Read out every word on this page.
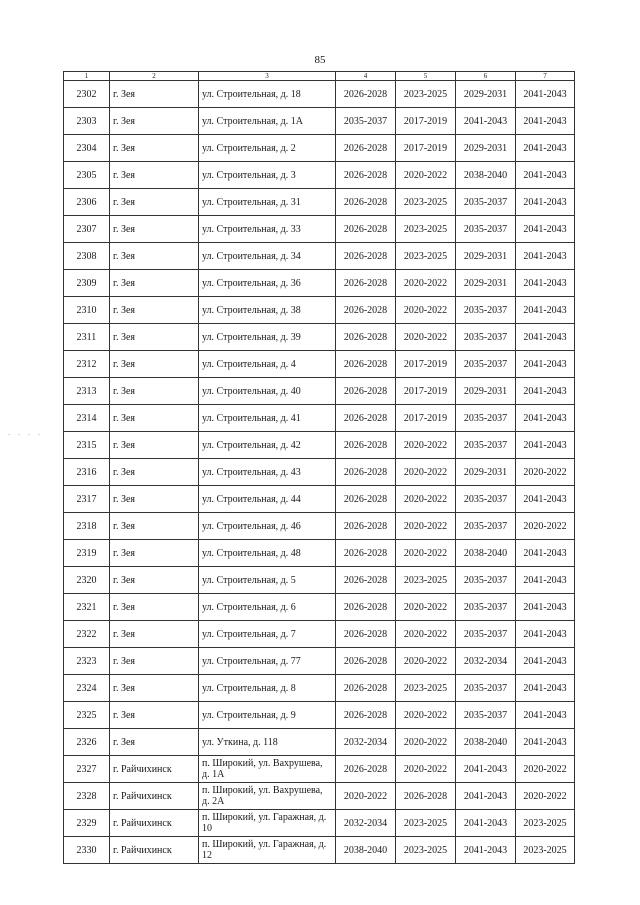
85
. . . .
1	2	3	4	5	6	7
2302	г. Зея	ул. Строительная, д. 18	2026-2028	2023-2025	2029-2031	2041-2043
2303	г. Зея	ул. Строительная, д. 1А	2035-2037	2017-2019	2041-2043	2041-2043
2304	г. Зея	ул. Строительная, д. 2	2026-2028	2017-2019	2029-2031	2041-2043
2305	г. Зея	ул. Строительная, д. 3	2026-2028	2020-2022	2038-2040	2041-2043
2306	г. Зея	ул. Строительная, д. 31	2026-2028	2023-2025	2035-2037	2041-2043
2307	г. Зея	ул. Строительная, д. 33	2026-2028	2023-2025	2035-2037	2041-2043
2308	г. Зея	ул. Строительная, д. 34	2026-2028	2023-2025	2029-2031	2041-2043
2309	г. Зея	ул. Строительная, д. 36	2026-2028	2020-2022	2029-2031	2041-2043
2310	г. Зея	ул. Строительная, д. 38	2026-2028	2020-2022	2035-2037	2041-2043
2311	г. Зея	ул. Строительная, д. 39	2026-2028	2020-2022	2035-2037	2041-2043
2312	г. Зея	ул. Строительная, д. 4	2026-2028	2017-2019	2035-2037	2041-2043
2313	г. Зея	ул. Строительная, д. 40	2026-2028	2017-2019	2029-2031	2041-2043
2314	г. Зея	ул. Строительная, д. 41	2026-2028	2017-2019	2035-2037	2041-2043
2315	г. Зея	ул. Строительная, д. 42	2026-2028	2020-2022	2035-2037	2041-2043
2316	г. Зея	ул. Строительная, д. 43	2026-2028	2020-2022	2029-2031	2020-2022
2317	г. Зея	ул. Строительная, д. 44	2026-2028	2020-2022	2035-2037	2041-2043
2318	г. Зея	ул. Строительная, д. 46	2026-2028	2020-2022	2035-2037	2020-2022
2319	г. Зея	ул. Строительная, д. 48	2026-2028	2020-2022	2038-2040	2041-2043
2320	г. Зея	ул. Строительная, д. 5	2026-2028	2023-2025	2035-2037	2041-2043
2321	г. Зея	ул. Строительная, д. 6	2026-2028	2020-2022	2035-2037	2041-2043
2322	г. Зея	ул. Строительная, д. 7	2026-2028	2020-2022	2035-2037	2041-2043
2323	г. Зея	ул. Строительная, д. 77	2026-2028	2020-2022	2032-2034	2041-2043
2324	г. Зея	ул. Строительная, д. 8	2026-2028	2023-2025	2035-2037	2041-2043
2325	г. Зея	ул. Строительная, д. 9	2026-2028	2020-2022	2035-2037	2041-2043
2326	г. Зея	ул. Уткина, д. 118	2032-2034	2020-2022	2038-2040	2041-2043
2327	г. Райчихинск	п. Широкий, ул. Вахрушева, д. 1А	2026-2028	2020-2022	2041-2043	2020-2022
2328	г. Райчихинск	п. Широкий, ул. Вахрушева, д. 2А	2020-2022	2026-2028	2041-2043	2020-2022
2329	г. Райчихинск	п. Широкий, ул. Гаражная, д. 10	2032-2034	2023-2025	2041-2043	2023-2025
2330	г. Райчихинск	п. Широкий, ул. Гаражная, д. 12	2038-2040	2023-2025	2041-2043	2023-2025
